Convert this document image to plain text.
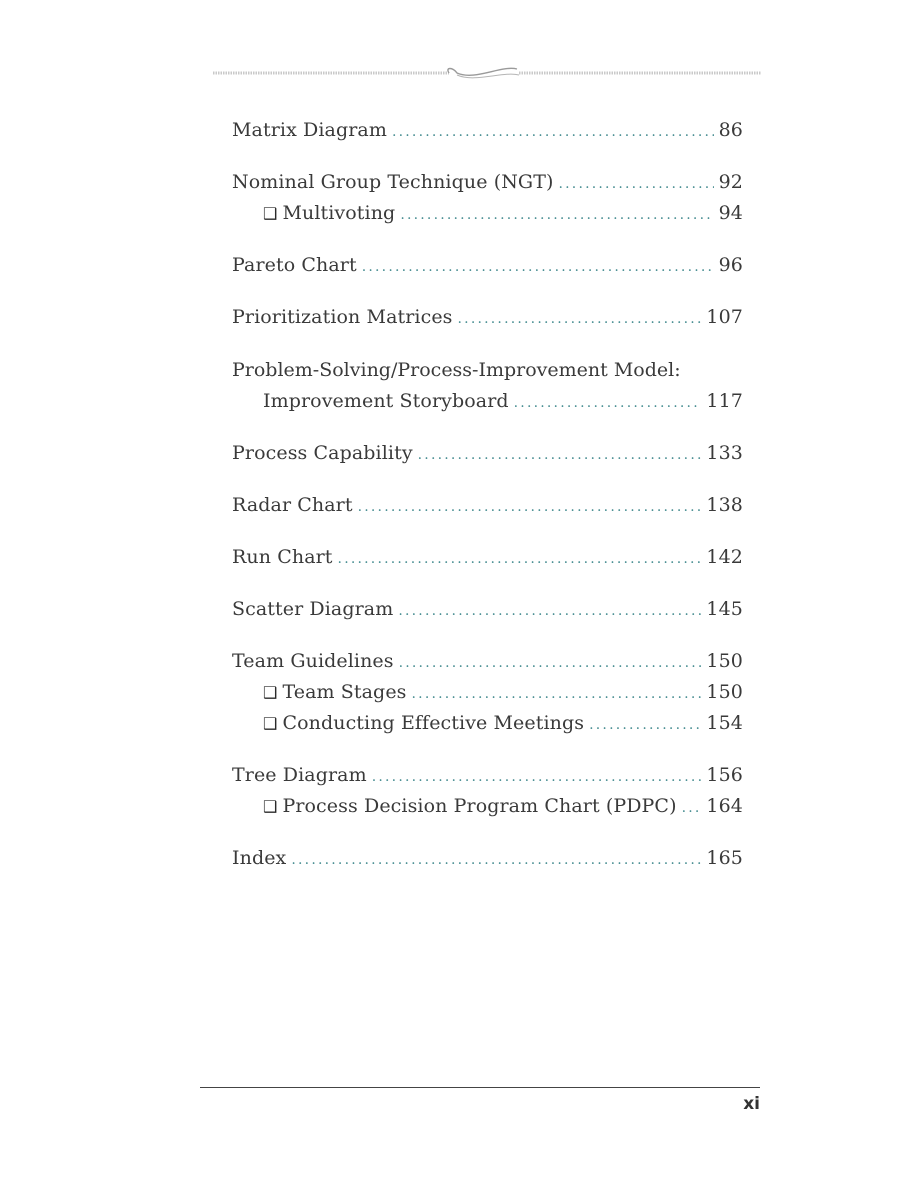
Matrix Diagram .....	86
Nominal Group Technique (NGT) .....	92
❑ Multivoting .....	94
Pareto Chart .....	96
Prioritization Matrices .....	107
Problem-Solving/Process-Improvement Model:
Improvement Storyboard .....	117
Process Capability .....	133
Radar Chart .....	138
Run Chart .....	142
Scatter Diagram .....	145
Team Guidelines .....	150
❑ Team Stages .....	150
❑ Conducting Effective Meetings .....	154
Tree Diagram .....	156
❑ Process Decision Program Chart (PDPC) ..... 164
Index .....	165
xi
